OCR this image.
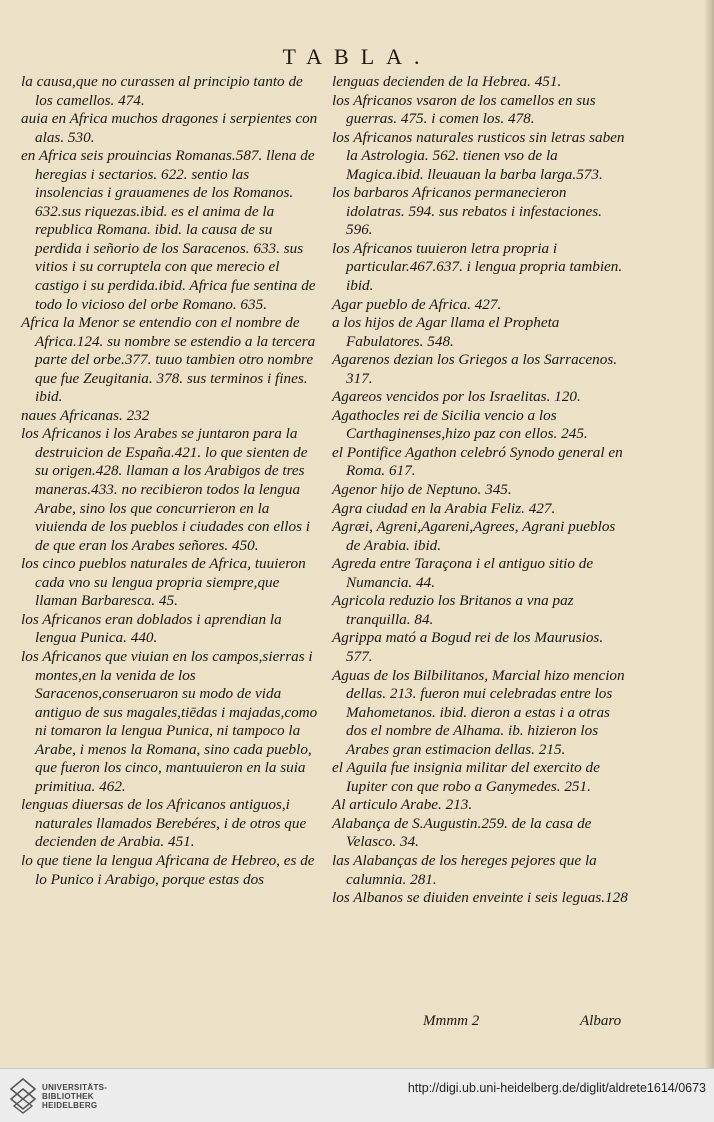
TABLA.
la causa,que no curassen al principio tanto de los camellos. 474.
auia en Africa muchos dragones i serpientes con alas. 530.
en Africa seis prouincias Romanas.587. llena de heregias i sectarios. 622. sentio las insolencias i grauamenes de los Romanos. 632.sus riquezas.ibid. es el anima de la republica Romana. ibid. la causa de su perdida i señorio de los Saracenos. 633. sus vitios i su corruptela con que merecio el castigo i su perdida.ibid. Africa fue sentina de todo lo vicioso del orbe Romano. 635.
Africa la Menor se entendio con el nombre de Africa.124. su nombre se estendio a la tercera parte del orbe.377. tuuo tambien otro nombre que fue Zeugitania. 378. sus terminos i fines. ibid.
naues Africanas. 232
los Africanos i los Arabes se juntaron para la destruicion de España.421. lo que sienten de su origen.428. llaman a los Arabigos de tres maneras.433. no recibieron todos la lengua Arabe, sino los que concurrieron en la viuienda de los pueblos i ciudades con ellos i de que eran los Arabes señores. 450.
los cinco pueblos naturales de Africa, tuuieron cada vno su lengua propria siempre,que llaman Barbaresca. 45.
los Africanos eran doblados i aprendian la lengua Punica. 440.
los Africanos que viuian en los campos,sierras i montes,en la venida de los Saracenos,conseruaron su modo de vida antiguo de sus magales,tiēdas i majadas,como ni tomaron la lengua Punica, ni tampoco la Arabe, i menos la Romana, sino cada pueblo, que fueron los cinco, mantuuieron en la suia primitiua. 462.
lenguas diuersas de los Africanos antiguos,i naturales llamados Berebéres, i de otros que decienden de Arabia. 451.
lo que tiene la lengua Africana de Hebreo, es de lo Punico i Arabigo, porque estas dos
lenguas decienden de la Hebrea. 451.
los Africanos vsaron de los camellos en sus guerras. 475. i comen los. 478.
los Africanos naturales rusticos sin letras saben la Astrologia. 562. tienen vso de la Magica.ibid. lleuauan la barba larga.573.
los barbaros Africanos permanecieron idolatras. 594. sus rebatos i infestaciones. 596.
los Africanos tuuieron letra propria i particular.467.637. i lengua propria tambien. ibid.
Agar pueblo de Africa. 427.
a los hijos de Agar llama el Propheta Fabulatores. 548.
Agarenos dezian los Griegos a los Sarracenos. 317.
Agareos vencidos por los Israelitas. 120.
Agathocles rei de Sicilia vencio a los Carthaginenses,hizo paz con ellos. 245.
el Pontifice Agathon celebró Synodo general en Roma. 617.
Agenor hijo de Neptuno. 345.
Agra ciudad en la Arabia Feliz. 427.
Agræi, Agreni,Agareni,Agrees, Agrani pueblos de Arabia. ibid.
Agreda entre Taraçona i el antiguo sitio de Numancia. 44.
Agricola reduzio los Britanos a vna paz tranquilla. 84.
Agrippa mató a Bogud rei de los Maurusios. 577.
Aguas de los Bilbilitanos, Marcial hizo mencion dellas. 213. fueron mui celebradas entre los Mahometanos. ibid. dieron a estas i a otras dos el nombre de Alhama. ib. hizieron los Arabes gran estimacion dellas. 215.
el Aguila fue insignia militar del exercito de Iupiter con que robo a Ganymedes. 251.
Al articulo Arabe. 213.
Alabança de S.Augustin.259. de la casa de Velasco. 34.
las Alabanças de los hereges pejores que la calumnia. 281.
los Albanos se diuiden enveinte i seis leguas.128
Mmmm 2	Albaro
UNIVERSITÄTS-
BIBLIOTHEK
HEIDELBERG
http://digi.ub.uni-heidelberg.de/diglit/aldrete1614/0673
